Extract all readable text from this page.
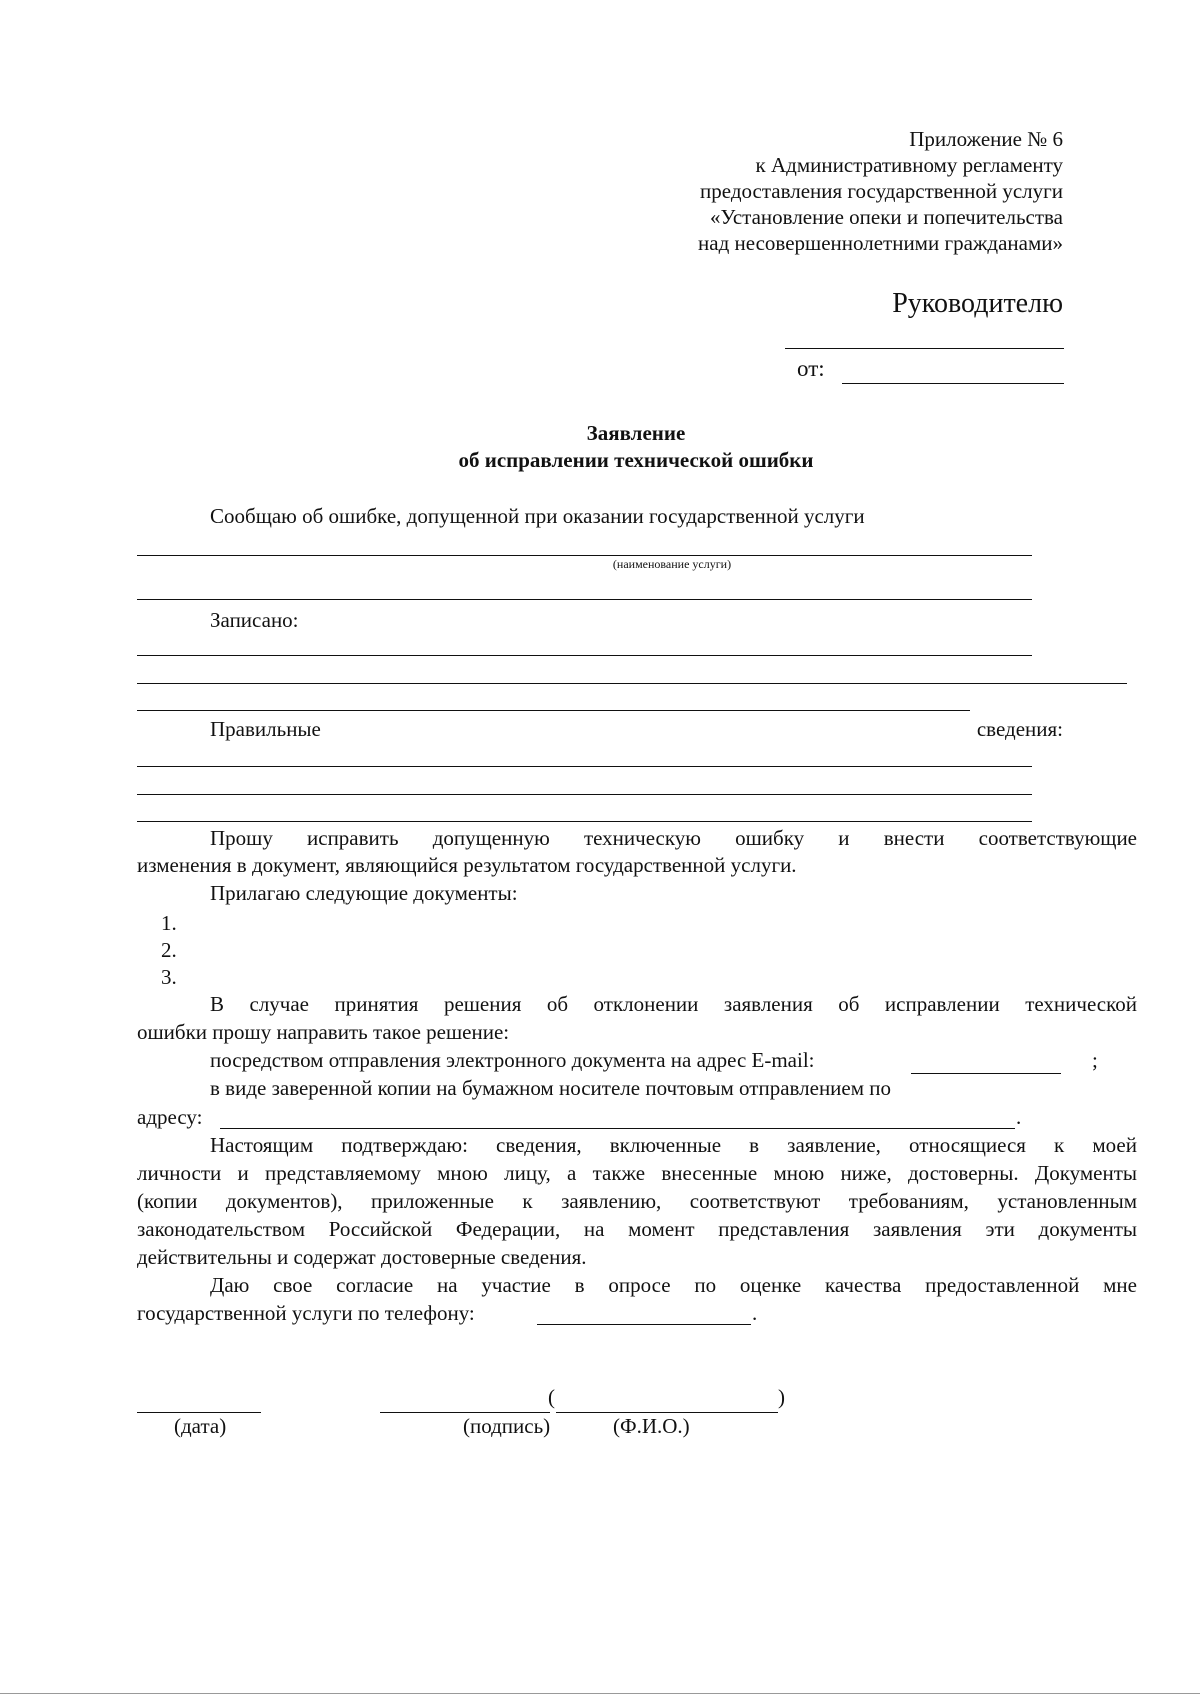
Приложение № 6
к Административному регламенту
предоставления государственной услуги
«Установление опеки и попечительства
над несовершеннолетними гражданами»
Руководителю
от:
Заявление
об исправлении технической ошибки
Сообщаю об ошибке, допущенной при оказании государственной услуги
(наименование услуги)
Записано:
Правильные	сведения:
Прошу исправить допущенную техническую ошибку и внести соответствующие
изменения в документ, являющийся результатом государственной услуги.
Прилагаю следующие документы:
1.
2.
3.
В случае принятия решения об отклонении заявления об исправлении технической
ошибки прошу направить такое решение:
посредством отправления электронного документа на адрес E-mail:	;
в виде заверенной копии на бумажном носителе почтовым отправлением по
адресу:	.
Настоящим подтверждаю: сведения, включенные в заявление, относящиеся к моей
личности и представляемому мною лицу, а также внесенные мною ниже, достоверны. Документы
(копии документов), приложенные к заявлению, соответствуют требованиям, установленным
законодательством Российской Федерации, на момент представления заявления эти документы
действительны и содержат достоверные сведения.
Даю свое согласие на участие в опросе по оценке качества предоставленной мне
государственной услуги по телефону:	.
(дата)
(	)
(подпись)	(Ф.И.О.)
